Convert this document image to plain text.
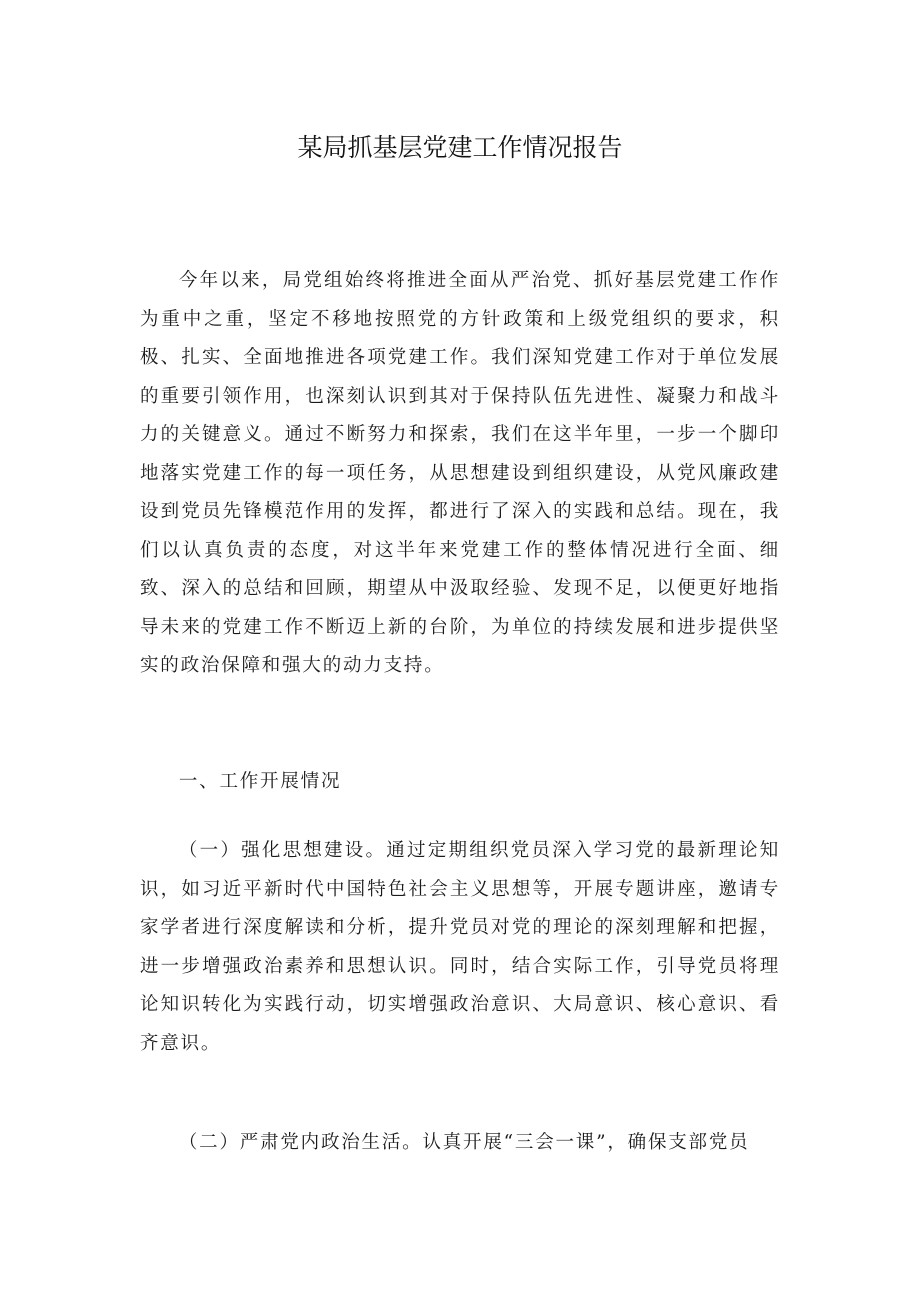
某局抓基层党建工作情况报告

今年以来，局党组始终将推进全面从严治党、抓好基层党建工作作为重中之重，坚定不移地按照党的方针政策和上级党组织的要求，积极、扎实、全面地推进各项党建工作。我们深知党建工作对于单位发展的重要引领作用，也深刻认识到其对于保持队伍先进性、凝聚力和战斗力的关键意义。通过不断努力和探索，我们在这半年里，一步一个脚印地落实党建工作的每一项任务，从思想建设到组织建设，从党风廉政建设到党员先锋模范作用的发挥，都进行了深入的实践和总结。现在，我们以认真负责的态度，对这半年来党建工作的整体情况进行全面、细致、深入的总结和回顾，期望从中汲取经验、发现不足，以便更好地指导未来的党建工作不断迈上新的台阶，为单位的持续发展和进步提供坚实的政治保障和强大的动力支持。

一、工作开展情况

（一）强化思想建设。通过定期组织党员深入学习党的最新理论知识，如习近平新时代中国特色社会主义思想等，开展专题讲座，邀请专家学者进行深度解读和分析，提升党员对党的理论的深刻理解和把握，进一步增强政治素养和思想认识。同时，结合实际工作，引导党员将理论知识转化为实践行动，切实增强政治意识、大局意识、核心意识、看齐意识。

（二）严肃党内政治生活。认真开展“三会一课”，确保支部党员
